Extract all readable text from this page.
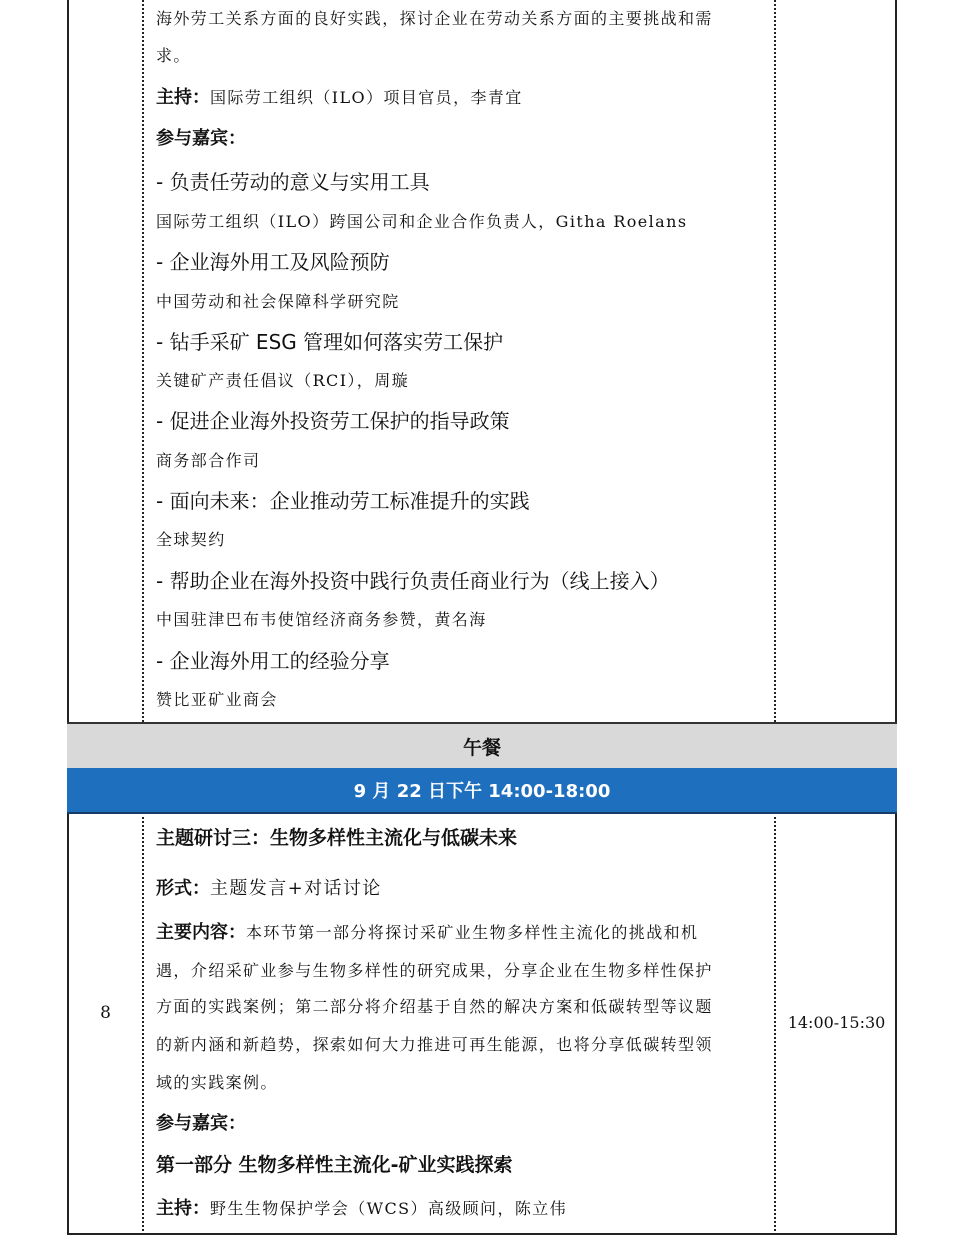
午餐
9 月 22 日下午 14:00-18:00
海外劳工关系方面的良好实践，探讨企业在劳动关系方面的主要挑战和需
求。
主持：国际劳工组织（ILO）项目官员，李青宜
参与嘉宾：
- 负责任劳动的意义与实用工具
国际劳工组织（ILO）跨国公司和企业合作负责人，Githa Roelans
- 企业海外用工及风险预防
中国劳动和社会保障科学研究院
- 钻手采矿 ESG 管理如何落实劳工保护
关键矿产责任倡议（RCI），周璇
- 促进企业海外投资劳工保护的指导政策
商务部合作司
- 面向未来：企业推动劳工标准提升的实践
全球契约
- 帮助企业在海外投资中践行负责任商业行为（线上接入）
中国驻津巴布韦使馆经济商务参赞，黄名海
- 企业海外用工的经验分享
赞比亚矿业商会
8	14:00-15:30
主题研讨三：生物多样性主流化与低碳未来
形式：主题发言+对话讨论
主要内容：本环节第一部分将探讨采矿业生物多样性主流化的挑战和机
遇，介绍采矿业参与生物多样性的研究成果，分享企业在生物多样性保护
方面的实践案例；第二部分将介绍基于自然的解决方案和低碳转型等议题
的新内涵和新趋势，探索如何大力推进可再生能源，也将分享低碳转型领
域的实践案例。
参与嘉宾：
第一部分 生物多样性主流化-矿业实践探索
主持：野生生物保护学会（WCS）高级顾问，陈立伟
